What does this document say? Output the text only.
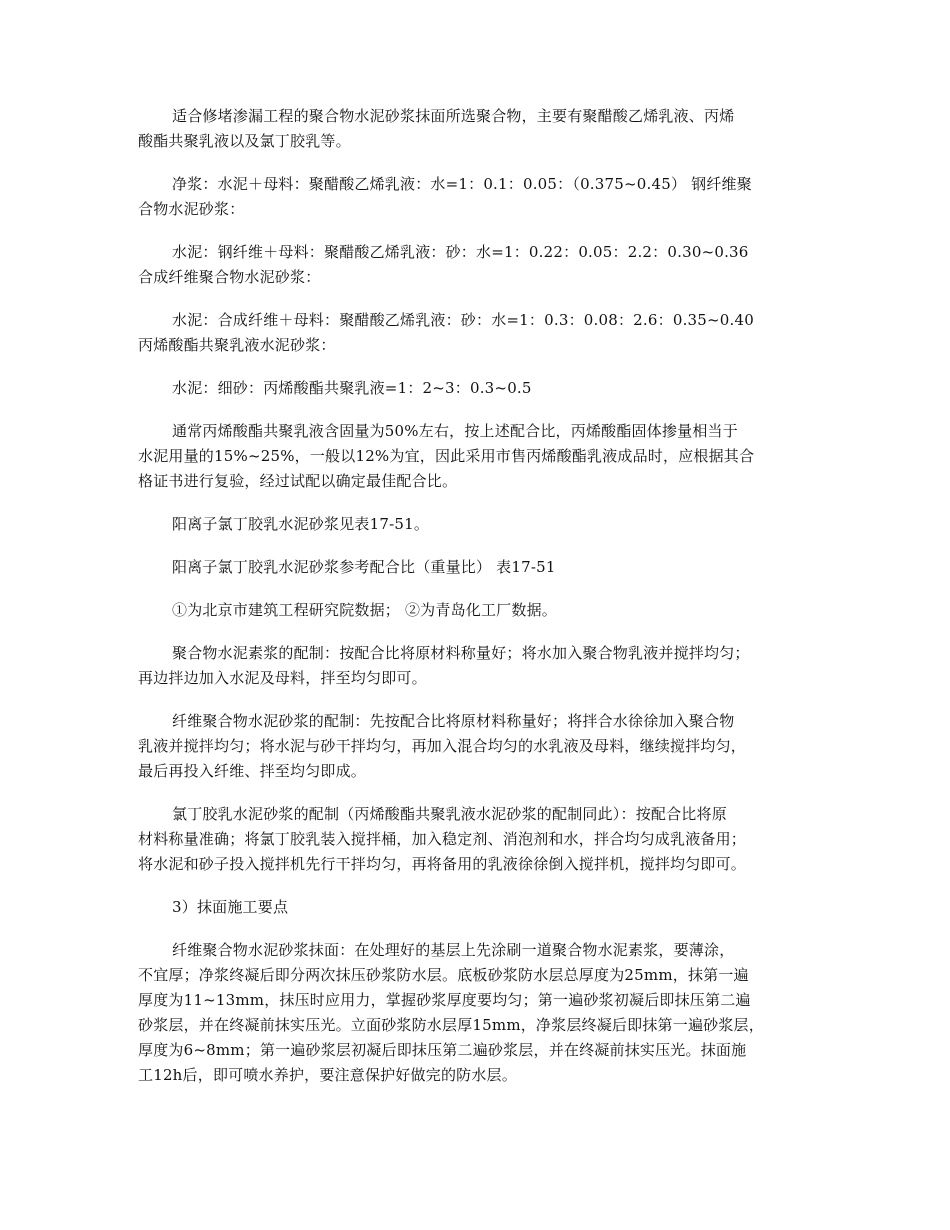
适合修堵渗漏工程的聚合物水泥砂浆抹面所选聚合物，主要有聚醋酸乙烯乳液、丙烯
酸酯共聚乳液以及氯丁胶乳等。

净浆：水泥＋母料：聚醋酸乙烯乳液：水=1：0.1：0.05：（0.375~0.45） 钢纤维聚
合物水泥砂浆：

水泥：钢纤维＋母料：聚醋酸乙烯乳液：砂：水=1：0.22：0.05：2.2：0.30~0.36
合成纤维聚合物水泥砂浆：

水泥：合成纤维＋母料：聚醋酸乙烯乳液：砂：水=1：0.3：0.08：2.6：0.35~0.40
丙烯酸酯共聚乳液水泥砂浆：

水泥：细砂：丙烯酸酯共聚乳液=1：2~3：0.3~0.5

通常丙烯酸酯共聚乳液含固量为50%左右，按上述配合比，丙烯酸酯固体掺量相当于
水泥用量的15%~25%，一般以12%为宜，因此采用市售丙烯酸酯乳液成品时，应根据其合
格证书进行复验，经过试配以确定最佳配合比。

阳离子氯丁胶乳水泥砂浆见表17-51。

阳离子氯丁胶乳水泥砂浆参考配合比（重量比） 表17-51

①为北京市建筑工程研究院数据； ②为青岛化工厂数据。

聚合物水泥素浆的配制：按配合比将原材料称量好；将水加入聚合物乳液并搅拌均匀；
再边拌边加入水泥及母料，拌至均匀即可。

纤维聚合物水泥砂浆的配制：先按配合比将原材料称量好；将拌合水徐徐加入聚合物
乳液并搅拌均匀；将水泥与砂干拌均匀，再加入混合均匀的水乳液及母料，继续搅拌均匀，
最后再投入纤维、拌至均匀即成。

氯丁胶乳水泥砂浆的配制（丙烯酸酯共聚乳液水泥砂浆的配制同此）：按配合比将原
材料称量准确；将氯丁胶乳装入搅拌桶，加入稳定剂、消泡剂和水，拌合均匀成乳液备用；
将水泥和砂子投入搅拌机先行干拌均匀，再将备用的乳液徐徐倒入搅拌机，搅拌均匀即可。

3）抹面施工要点

纤维聚合物水泥砂浆抹面：在处理好的基层上先涂刷一道聚合物水泥素浆，要薄涂，
不宜厚；净浆终凝后即分两次抹压砂浆防水层。底板砂浆防水层总厚度为25mm，抹第一遍
厚度为11~13mm，抹压时应用力，掌握砂浆厚度要均匀；第一遍砂浆初凝后即抹压第二遍
砂浆层，并在终凝前抹实压光。立面砂浆防水层厚15mm，净浆层终凝后即抹第一遍砂浆层，
厚度为6~8mm；第一遍砂浆层初凝后即抹压第二遍砂浆层，并在终凝前抹实压光。抹面施
工12h后，即可喷水养护，要注意保护好做完的防水层。
